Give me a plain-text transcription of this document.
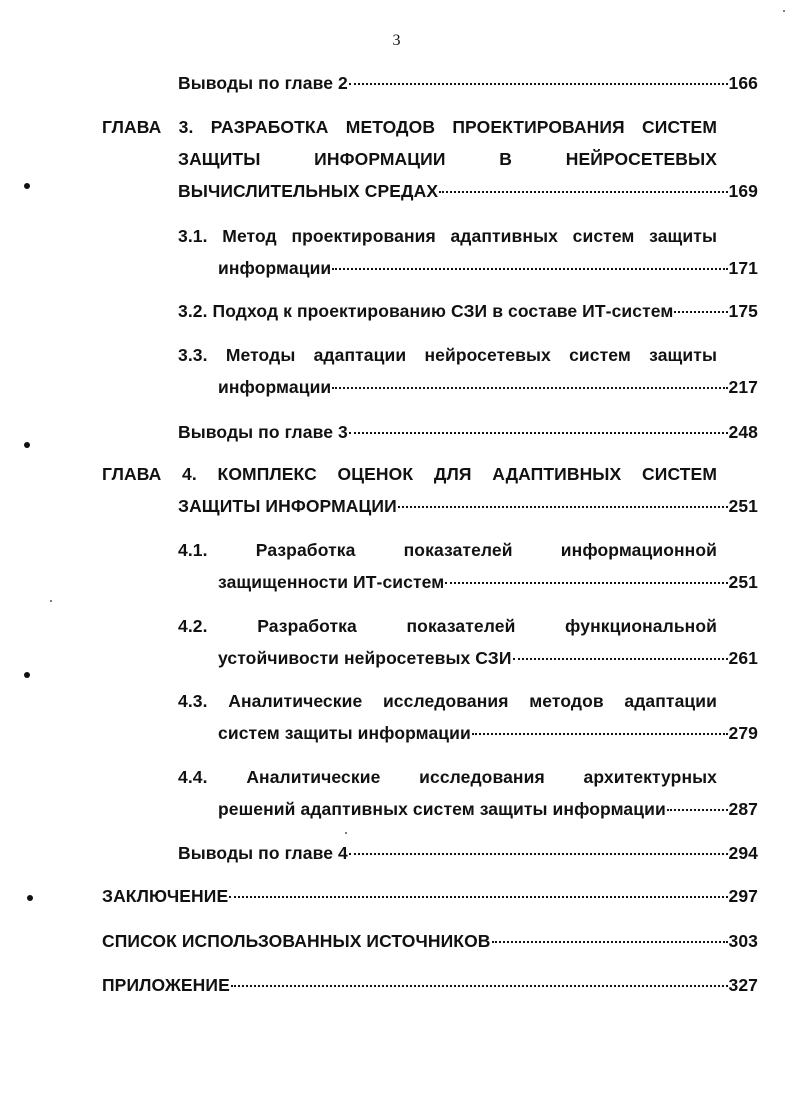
3
Выводы по главе 2	166
ГЛАВА 3. РАЗРАБОТКА МЕТОДОВ ПРОЕКТИРОВАНИЯ СИСТЕМ
ЗАЩИТЫ ИНФОРМАЦИИ В НЕЙРОСЕТЕВЫХ
ВЫЧИСЛИТЕЛЬНЫХ СРЕДАХ	169
3.1. Метод проектирования адаптивных систем защиты
информации	171
3.2. Подход к проектированию СЗИ в составе ИТ-систем	175
3.3. Методы адаптации нейросетевых систем защиты
информации	217
Выводы по главе 3	248
ГЛАВА 4. КОМПЛЕКС ОЦЕНОК ДЛЯ АДАПТИВНЫХ СИСТЕМ
ЗАЩИТЫ ИНФОРМАЦИИ	251
4.1. Разработка показателей информационной
защищенности ИТ-систем	251
4.2. Разработка показателей функциональной
устойчивости нейросетевых СЗИ	261
4.3. Аналитические исследования методов адаптации
систем защиты информации	279
4.4. Аналитические исследования архитектурных
решений адаптивных систем защиты информации	287
Выводы по главе 4	294
ЗАКЛЮЧЕНИЕ	297
СПИСОК ИСПОЛЬЗОВАННЫХ ИСТОЧНИКОВ	303
ПРИЛОЖЕНИЕ	327
